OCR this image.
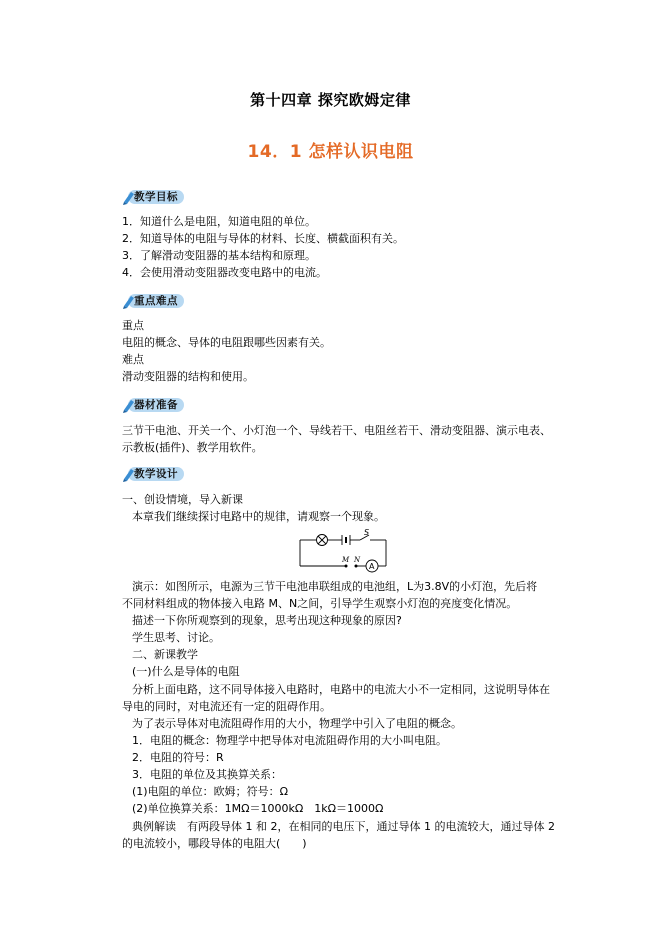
第十四章 探究欧姆定律
14．1 怎样认识电阻
教学目标
1．知道什么是电阻，知道电阻的单位。
2．知道导体的电阻与导体的材料、长度、横截面积有关。
3．了解滑动变阻器的基本结构和原理。
4．会使用滑动变阻器改变电路中的电流。
重点难点
重点
电阻的概念、导体的电阻跟哪些因素有关。
难点
滑动变阻器的结构和使用。
器材准备
三节干电池、开关一个、小灯泡一个、导线若干、电阻丝若干、滑动变阻器、演示电表、
示教板(插件)、教学用软件。
教学设计
一、创设情境，导入新课
本章我们继续探讨电路中的规律，请观察一个现象。
S
M N
A
演示：如图所示，电源为三节干电池串联组成的电池组，L为3.8V的小灯泡，先后将
不同材料组成的物体接入电路 M、N之间，引导学生观察小灯泡的亮度变化情况。
描述一下你所观察到的现象，思考出现这种现象的原因?
学生思考、讨论。
二、新课教学
(一)什么是导体的电阻
分析上面电路，这不同导体接入电路时，电路中的电流大小不一定相同，这说明导体在
导电的同时，对电流还有一定的阻碍作用。
为了表示导体对电流阻碍作用的大小，物理学中引入了电阻的概念。
1．电阻的概念：物理学中把导体对电流阻碍作用的大小叫电阻。
2．电阻的符号：R
3．电阻的单位及其换算关系：
(1)电阻的单位：欧姆；符号：Ω
(2)单位换算关系：1MΩ＝1000kΩ　1kΩ＝1000Ω
典例解读　有两段导体 1 和 2，在相同的电压下，通过导体 1 的电流较大，通过导体 2
的电流较小，哪段导体的电阻大(　　)
